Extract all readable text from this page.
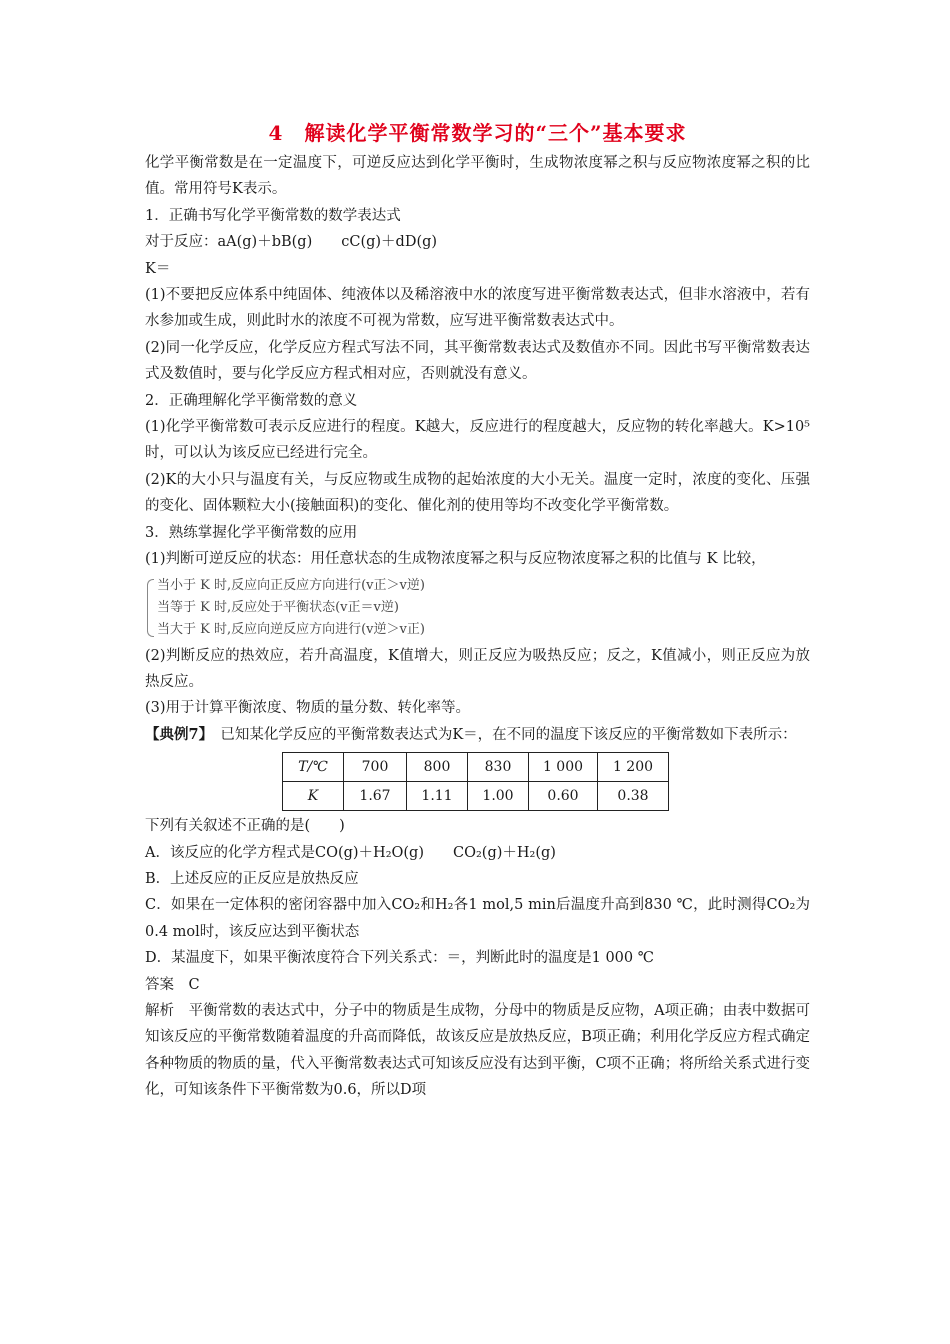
4　解读化学平衡常数学习的“三个”基本要求

化学平衡常数是在一定温度下，可逆反应达到化学平衡时，生成物浓度幂之积与反应物浓度幂之积的比值。常用符号K表示。

1．正确书写化学平衡常数的数学表达式

对于反应：aA(g)＋bB(g)　　cC(g)＋dD(g)

K＝

(1)不要把反应体系中纯固体、纯液体以及稀溶液中水的浓度写进平衡常数表达式，但非水溶液中，若有水参加或生成，则此时水的浓度不可视为常数，应写进平衡常数表达式中。

(2)同一化学反应，化学反应方程式写法不同，其平衡常数表达式及数值亦不同。因此书写平衡常数表达式及数值时，要与化学反应方程式相对应，否则就没有意义。

2．正确理解化学平衡常数的意义

(1)化学平衡常数可表示反应进行的程度。K越大，反应进行的程度越大，反应物的转化率越大。K>10⁵时，可以认为该反应已经进行完全。

(2)K的大小只与温度有关，与反应物或生成物的起始浓度的大小无关。温度一定时，浓度的变化、压强的变化、固体颗粒大小(接触面积)的变化、催化剂的使用等均不改变化学平衡常数。

3．熟练掌握化学平衡常数的应用

(1)判断可逆反应的状态：用任意状态的生成物浓度幂之积与反应物浓度幂之积的比值与 K 比较，

当小于 K 时,反应向正反应方向进行(v正＞v逆)
当等于 K 时,反应处于平衡状态(v正＝v逆)
当大于 K 时,反应向逆反应方向进行(v逆＞v正)

(2)判断反应的热效应，若升高温度，K值增大，则正反应为吸热反应；反之，K值减小，则正反应为放热反应。

(3)用于计算平衡浓度、物质的量分数、转化率等。

【典例7】　已知某化学反应的平衡常数表达式为K＝，在不同的温度下该反应的平衡常数如下表所示：

T/℃	700	800	830	1 000	1 200
K	1.67	1.11	1.00	0.60	0.38

下列有关叙述不正确的是(　　)

A．该反应的化学方程式是CO(g)＋H₂O(g)　　CO₂(g)＋H₂(g)

B．上述反应的正反应是放热反应

C．如果在一定体积的密闭容器中加入CO₂和H₂各1 mol,5 min后温度升高到830 ℃，此时测得CO₂为0.4 mol时，该反应达到平衡状态

D．某温度下，如果平衡浓度符合下列关系式：＝，判断此时的温度是1 000 ℃

答案　C

解析　平衡常数的表达式中，分子中的物质是生成物，分母中的物质是反应物，A项正确；由表中数据可知该反应的平衡常数随着温度的升高而降低，故该反应是放热反应，B项正确；利用化学反应方程式确定各种物质的物质的量，代入平衡常数表达式可知该反应没有达到平衡，C项不正确；将所给关系式进行变化，可知该条件下平衡常数为0.6，所以D项
